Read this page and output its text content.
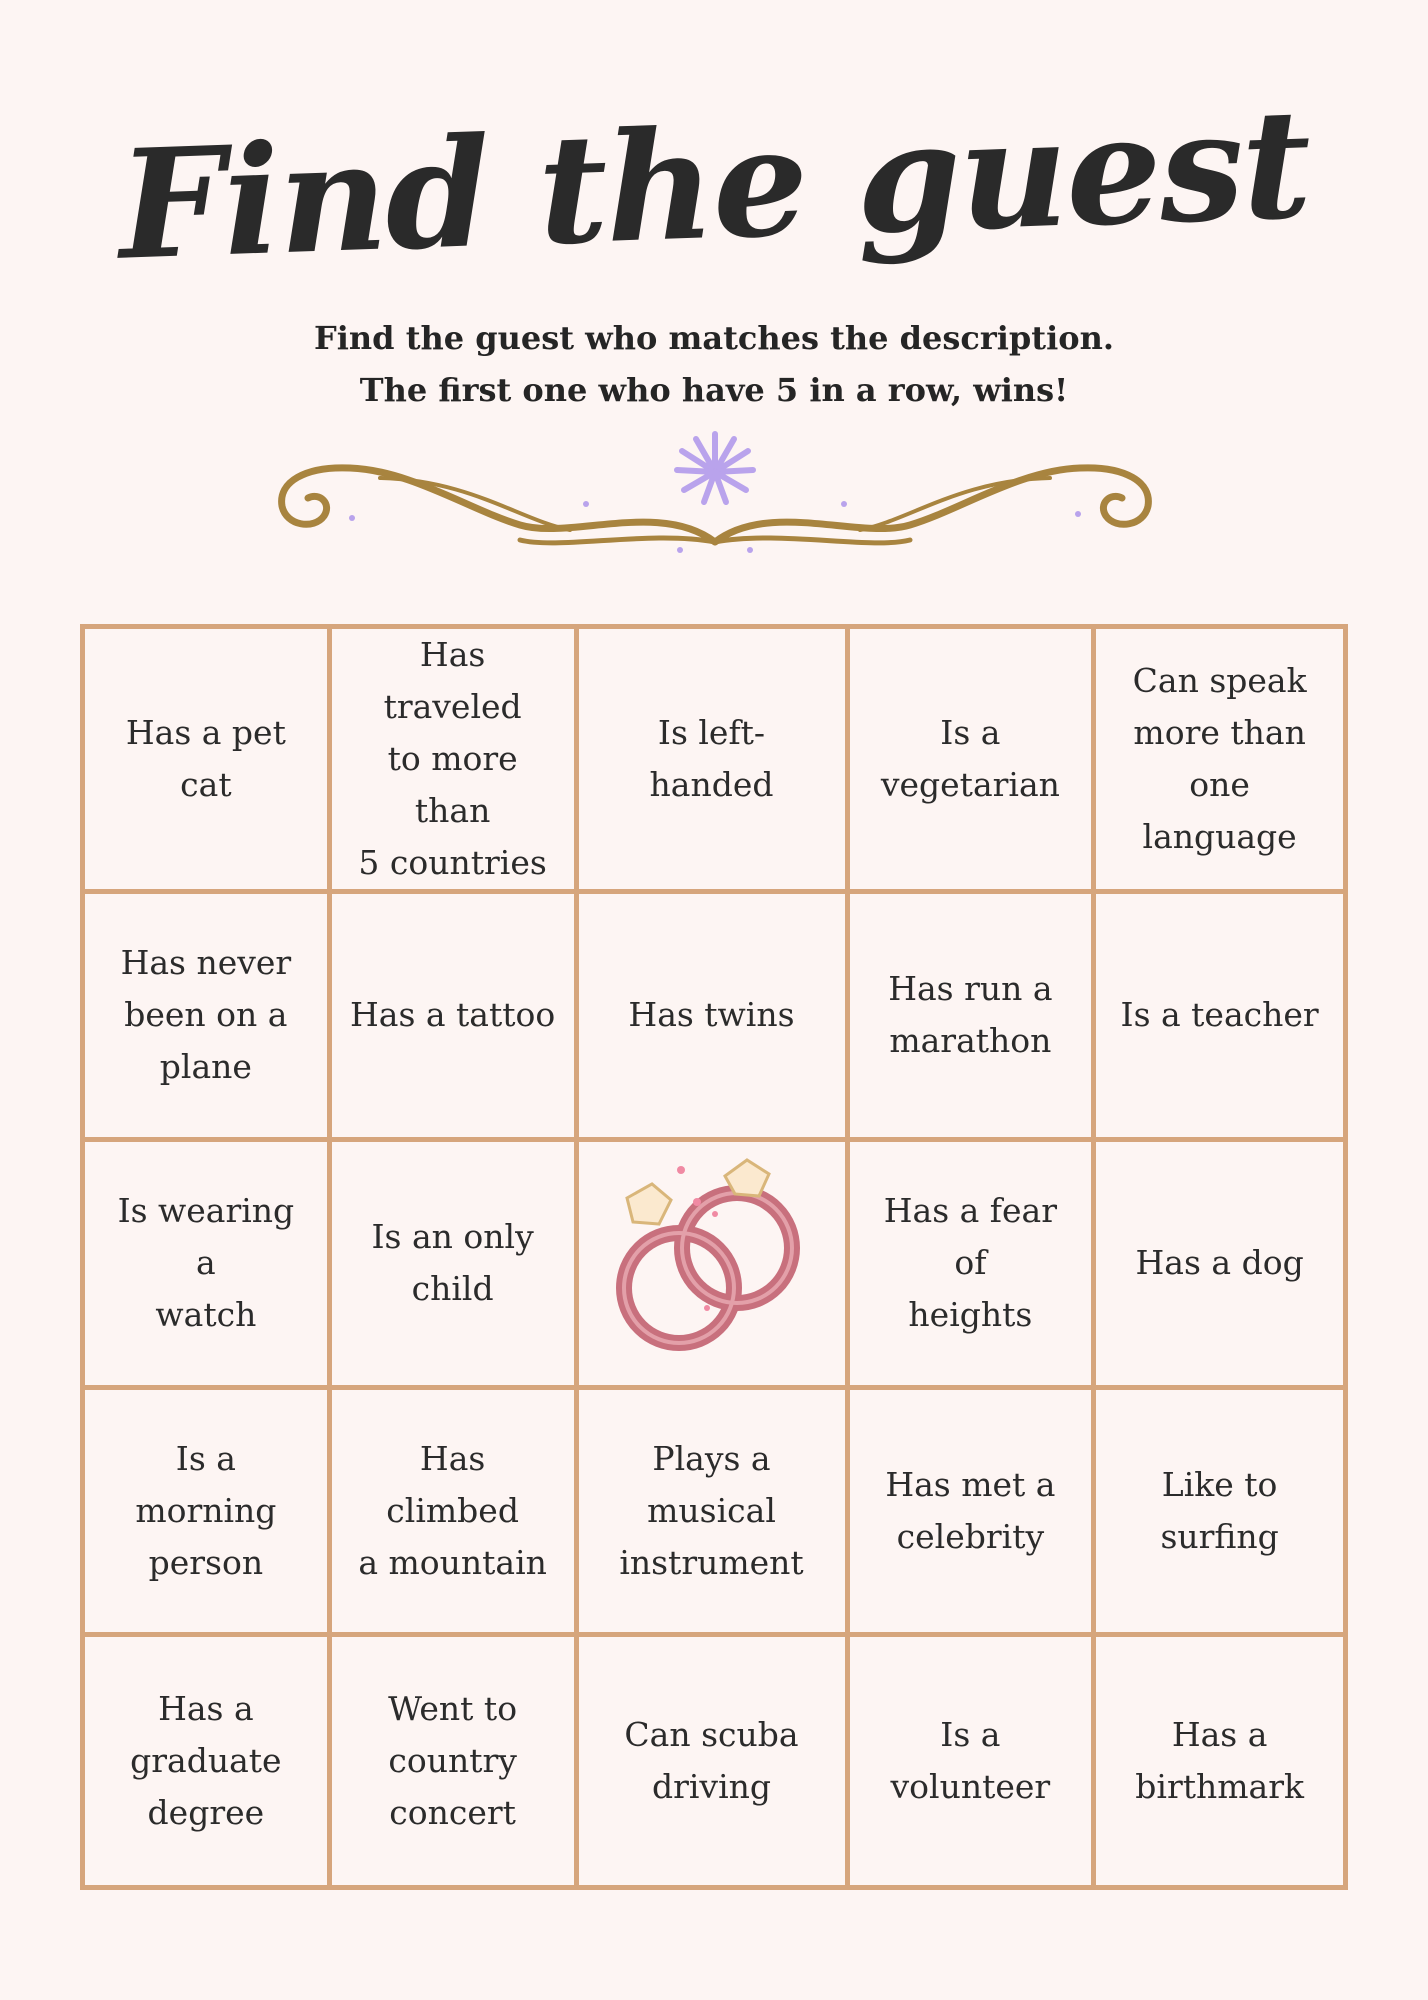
Find the guest
Find the guest who matches the description.
The first one who have 5 in a row, wins!
Has a pet cat
Has traveled
to more than
5 countries
Is left-handed
Is a
vegetarian
Can speak
more than
one language
Has never
been on a
plane
Has a tattoo Has twins
Has run a
marathon
Is a teacher
Is wearing a
watch
Is an only
child
Has a fear of
heights
Has a dog
Is a morning
person
Has climbed
a mountain
Plays a
musical
instrument
Has met a
celebrity
Like to
surfing
Has a
graduate
degree
Went to
country
concert
Can scuba
driving
Is a volunteer
Has a
birthmark
